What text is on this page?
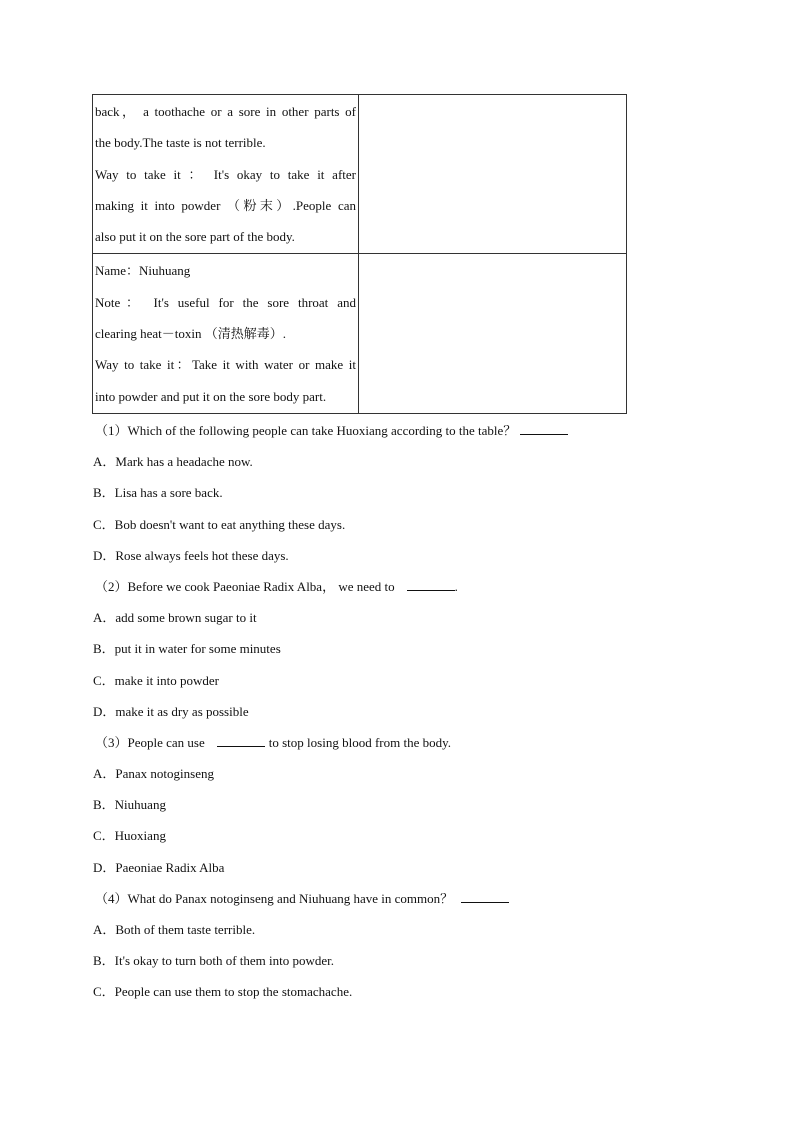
back， a toothache or a sore in other parts of
the body.The taste is not terrible.
Way to take it ： It's okay to take it after
making it into powder （粉末）.People can
also put it on the sore part of the body.	

Name：Niuhuang
Note： It's useful for the sore throat and
clearing heat－toxin （清热解毒）.
Way to take it：Take it with water or make it
into powder and put it on the sore body part.	

（1）Which of the following people can take Huoxiang according to the table？
A．Mark has a headache now.
B．Lisa has a sore back.
C．Bob doesn't want to eat anything these days.
D．Rose always feels hot these days.
（2）Before we cook Paeoniae Radix Alba， we need to	.
A．add some brown sugar to it
B．put it in water for some minutes
C．make it into powder
D．make it as dry as possible
（3）People can use	to stop losing blood from the body.
A．Panax notoginseng
B．Niuhuang
C．Huoxiang
D．Paeoniae Radix Alba
（4）What do Panax notoginseng and Niuhuang have in common？
A．Both of them taste terrible.
B．It's okay to turn both of them into powder.
C．People can use them to stop the stomachache.
